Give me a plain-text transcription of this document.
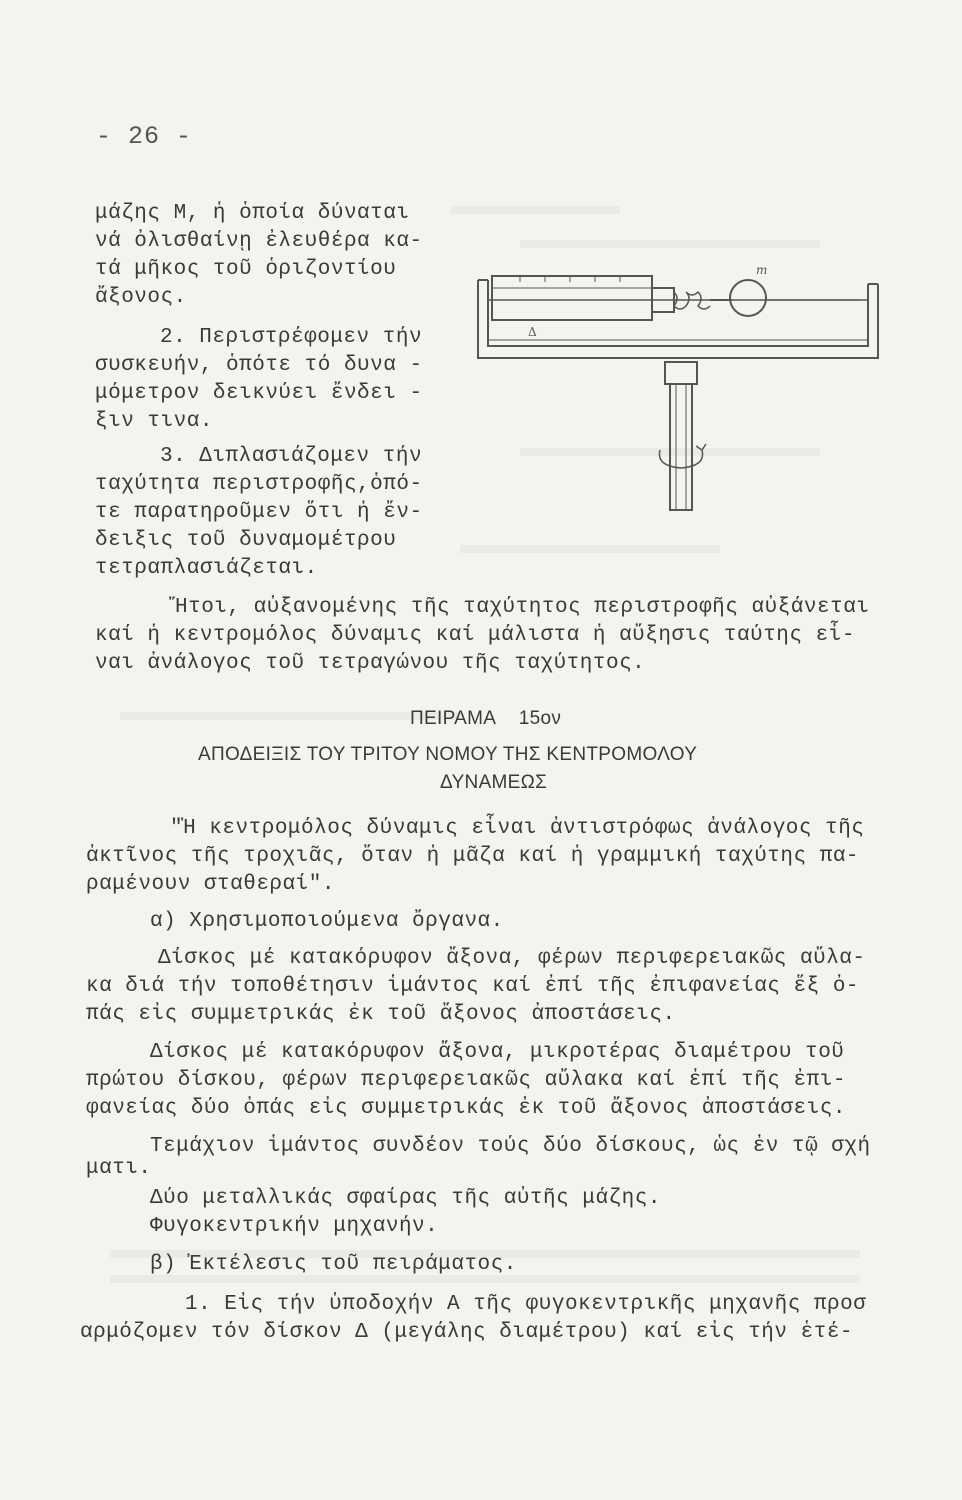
- 26 -
μάζης Μ, ἡ ὁποία δύναται
νά ὀλισθαίνῃ ἐλευθέρα κα-
τά μῆκος τοῦ ὁριζοντίου
ἄξονος.
2. Περιστρέφομεν τήν
συσκευήν, ὁπότε τό δυνα -
μόμετρον δεικνύει ἔνδει -
ξιν τινα.
3. Διπλασιάζομεν τήν
ταχύτητα περιστροφῆς,ὁπό-
τε παρατηροῦμεν ὅτι ἡ ἔν-
δειξις τοῦ δυναμομέτρου
τετραπλασιάζεται.
Δ
m
Ἤτοι, αὐξανομένης τῆς ταχύτητος περιστροφῆς αὐξάνεται
καί ἡ κεντρομόλος δύναμις καί μάλιστα ἡ αὔξησις ταύτης εἶ-
ναι ἀνάλογος τοῦ τετραγώνου τῆς ταχύτητος.
ΠΕΙΡΑΜΑ 15ον
ΑΠΟΔΕΙΞΙΣ ΤΟΥ ΤΡΙΤΟΥ ΝΟΜΟΥ ΤΗΣ ΚΕΝΤΡΟΜΟΛΟΥ
ΔΥΝΑΜΕΩΣ
"Ἡ κεντρομόλος δύναμις εἶναι ἀντιστρόφως ἀνάλογος τῆς
ἀκτῖνος τῆς τροχιᾶς, ὅταν ἡ μᾶζα καί ἡ γραμμική ταχύτης πα-
ραμένουν σταθεραί".
α) Χρησιμοποιούμενα ὄργανα.
Δίσκος μέ κατακόρυφον ἄξονα, φέρων περιφερειακῶς αὔλα-
κα διά τήν τοποθέτησιν ἱμάντος καί ἐπί τῆς ἐπιφανείας ἕξ ὀ-
πάς εἰς συμμετρικάς ἐκ τοῦ ἄξονος ἀποστάσεις.
Δίσκος μέ κατακόρυφον ἄξονα, μικροτέρας διαμέτρου τοῦ
πρώτου δίσκου, φέρων περιφερειακῶς αὔλακα καί ἐπί τῆς ἐπι-
φανείας δύο ὀπάς εἰς συμμετρικάς ἐκ τοῦ ἄξονος ἀποστάσεις.
Τεμάχιον ἱμάντος συνδέον τούς δύο δίσκους, ὡς ἐν τῷ σχή
ματι.
Δύο μεταλλικάς σφαίρας τῆς αὐτῆς μάζης.
Φυγοκεντρικήν μηχανήν.
β) Ἐκτέλεσις τοῦ πειράματος.
1. Εἰς τήν ὑποδοχήν Α τῆς φυγοκεντρικῆς μηχανῆς προσ
αρμόζομεν τόν δίσκον Δ (μεγάλης διαμέτρου) καί εἰς τήν ἑτέ-
